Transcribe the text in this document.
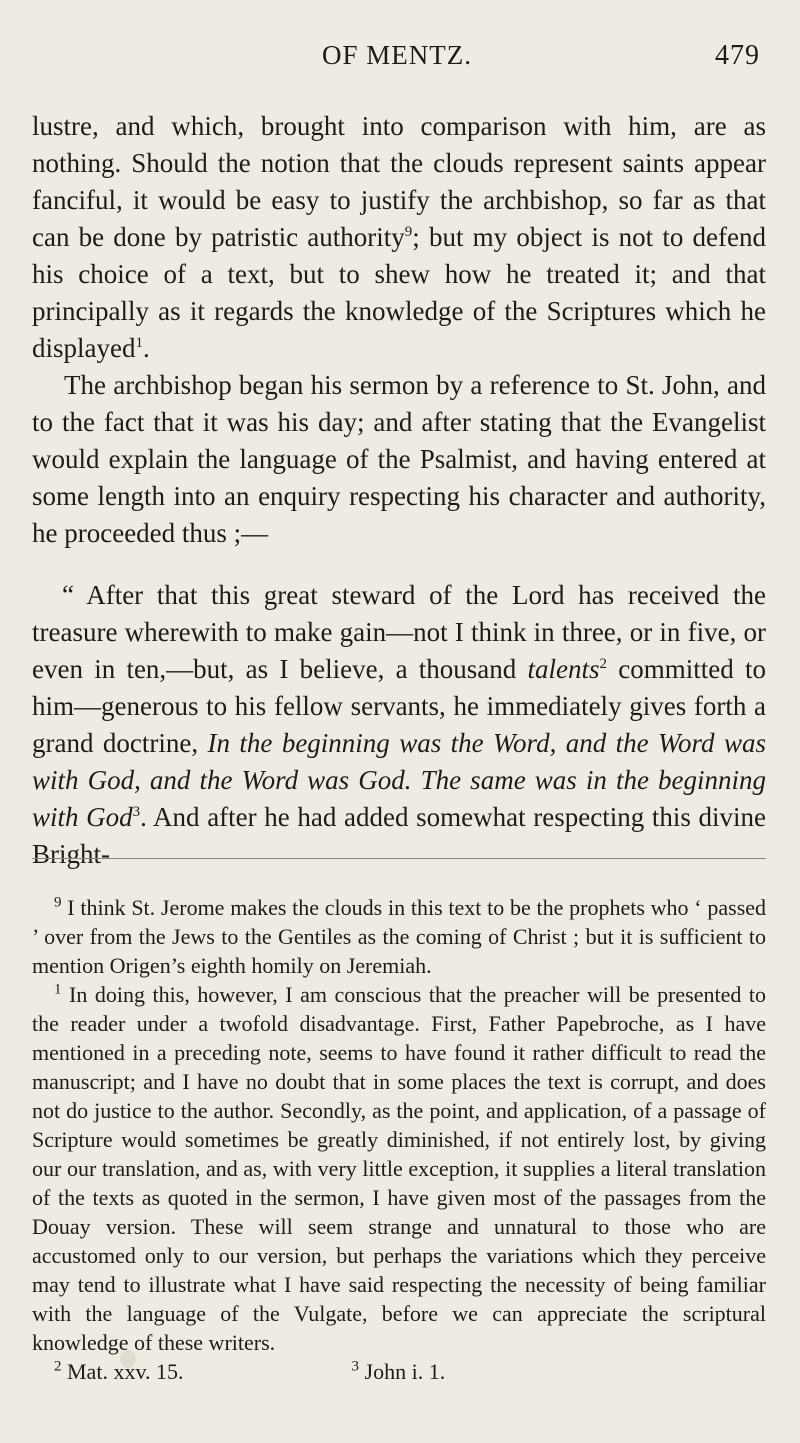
OF MENTZ.	479

lustre, and which, brought into comparison with him, are as nothing. Should the notion that the clouds represent saints appear fanciful, it would be easy to justify the archbishop, so far as that can be done by patristic authority$^9$; but my object is not to defend his choice of a text, but to shew how he treated it; and that principally as it regards the knowledge of the Scriptures which he displayed$^1$.

The archbishop began his sermon by a reference to St. John, and to the fact that it was his day; and after stating that the Evangelist would explain the language of the Psalmist, and having entered at some length into an enquiry respecting his character and authority, he proceeded thus ;—

“ After that this great steward of the Lord has received the treasure wherewith to make gain—not I think in three, or in five, or even in ten,—but, as I believe, a thousand talents$^2$ committed to him—generous to his fellow servants, he immediately gives forth a grand doctrine, In the beginning was the Word, and the Word was with God, and the Word was God. The same was in the beginning with God$^3$. And after he had added somewhat respecting this divine Bright-

$^9$ I think St. Jerome makes the clouds in this text to be the prophets who ‘ passed ’ over from the Jews to the Gentiles as the coming of Christ ; but it is sufficient to mention Origen’s eighth homily on Jeremiah.

$^1$ In doing this, however, I am conscious that the preacher will be presented to the reader under a twofold disadvantage. First, Father Papebroche, as I have mentioned in a preceding note, seems to have found it rather difficult to read the manuscript; and I have no doubt that in some places the text is corrupt, and does not do justice to the author. Secondly, as the point, and application, of a passage of Scripture would sometimes be greatly diminished, if not entirely lost, by giving our our translation, and as, with very little exception, it supplies a literal translation of the texts as quoted in the sermon, I have given most of the passages from the Douay version. These will seem strange and unnatural to those who are accustomed only to our version, but perhaps the variations which they perceive may tend to illustrate what I have said respecting the necessity of being familiar with the language of the Vulgate, before we can appreciate the scriptural knowledge of these writers.

$^2$ Mat. xxv. 15.	$^3$ John i. 1.
